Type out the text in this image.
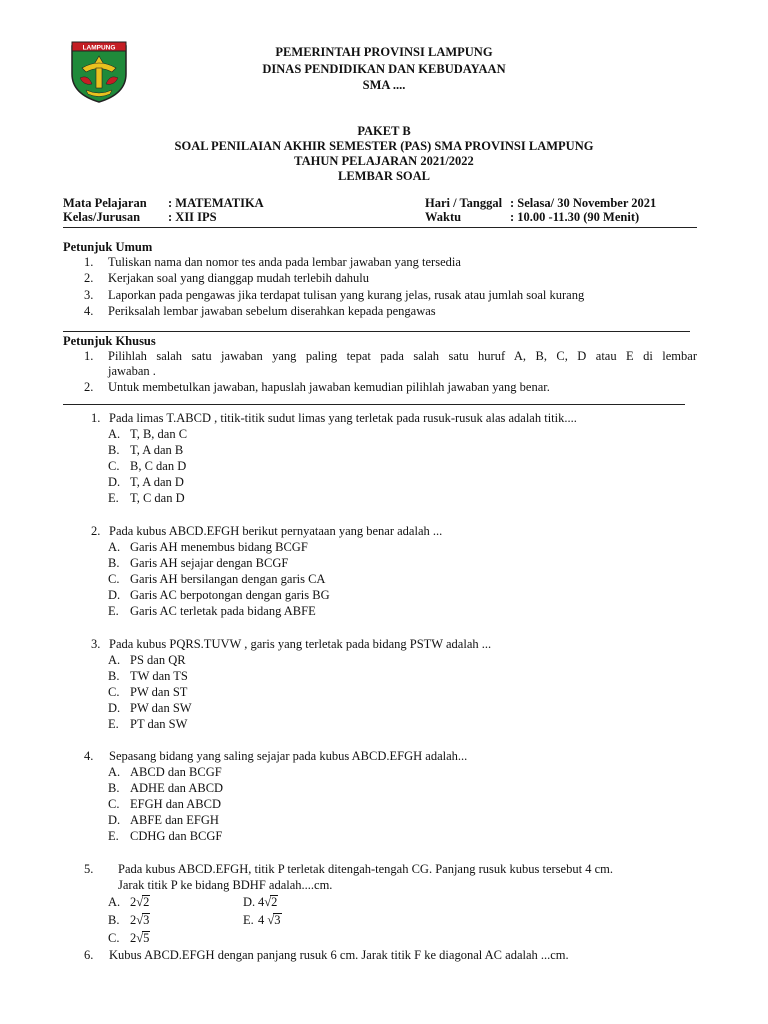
LAMPUNG	PEMERINTAH PROVINSI LAMPUNG
DINAS PENDIDIKAN DAN KEBUDAYAAN
SMA ....
PAKET B
SOAL PENILAIAN AKHIR SEMESTER (PAS) SMA PROVINSI LAMPUNG
TAHUN PELAJARAN 2021/2022
LEMBAR SOAL
Mata Pelajaran : MATEMATIKA
Kelas/Jurusan : XII IPS
Hari / Tanggal : Selasa/ 30 November 2021
Waktu	: 10.00 -11.30 (90 Menit)
Petunjuk Umum
1. Tuliskan nama dan nomor tes anda pada lembar jawaban yang tersedia
2. Kerjakan soal yang dianggap mudah terlebih dahulu
3. Laporkan pada pengawas jika terdapat tulisan yang kurang jelas, rusak atau jumlah soal kurang
4. Periksalah lembar jawaban sebelum diserahkan kepada pengawas
Petunjuk Khusus
1. Pilihlah salah satu jawaban yang paling tepat pada salah satu huruf A, B, C, D atau E di lembar
jawaban .
2. Untuk membetulkan jawaban, hapuslah jawaban kemudian pilihlah jawaban yang benar.
1. Pada limas T.ABCD , titik-titik sudut limas yang terletak pada rusuk-rusuk alas adalah titik....
A. T, B, dan C
B. T, A dan B
C. B, C dan D
D. T, A dan D
E. T, C dan D
2. Pada kubus ABCD.EFGH berikut pernyataan yang benar adalah ...
A. Garis AH menembus bidang BCGF
B. Garis AH sejajar dengan BCGF
C. Garis AH bersilangan dengan garis CA
D. Garis AC berpotongan dengan garis BG
E. Garis AC terletak pada bidang ABFE
3. Pada kubus PQRS.TUVW , garis yang terletak pada bidang PSTW adalah ...
A. PS dan QR
B. TW dan TS
C. PW dan ST
D. PW dan SW
E. PT dan SW
4. Sepasang bidang yang saling sejajar pada kubus ABCD.EFGH adalah...
A. ABCD dan BCGF
B. ADHE dan ABCD
C. EFGH dan ABCD
D. ABFE dan EFGH
E. CDHG dan BCGF
5. Pada kubus ABCD.EFGH, titik P terletak ditengah-tengah CG. Panjang rusuk kubus tersebut 4 cm.
Jarak titik P ke bidang BDHF adalah....cm.
A. 2√2	D. 4√2
B. 2√3	E. 4 √3
C. 2√5
6. Kubus ABCD.EFGH dengan panjang rusuk 6 cm. Jarak titik F ke diagonal AC adalah ...cm.
